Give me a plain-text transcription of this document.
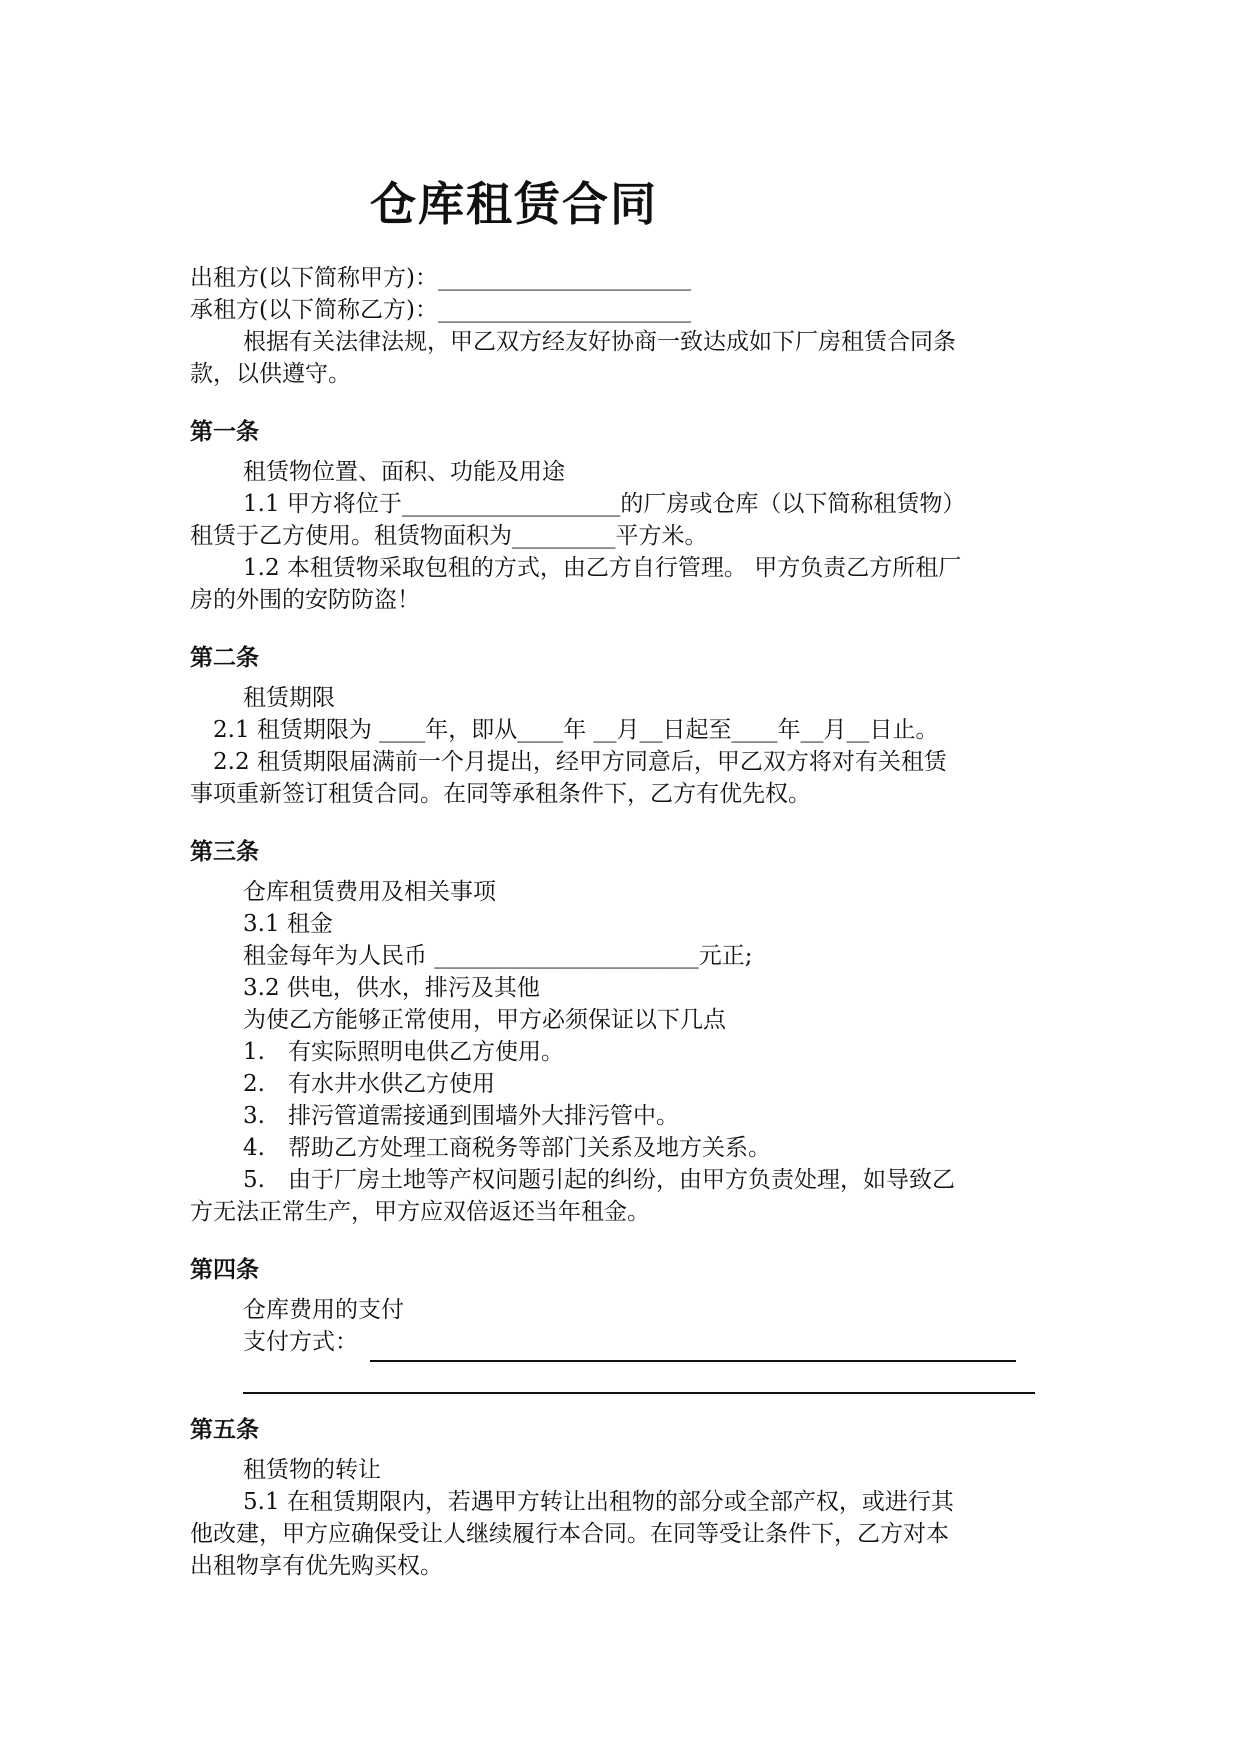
仓库租赁合同

出租方(以下简称甲方)：______________________

承租方(以下简称乙方)：______________________

根据有关法律法规，甲乙双方经友好协商一致达成如下厂房租赁合同条

款，以供遵守。

第一条

租赁物位置、面积、功能及用途

1.1 甲方将位于___________________的厂房或仓库（以下简称租赁物）

租赁于乙方使用。租赁物面积为_________平方米。

1.2 本租赁物采取包租的方式，由乙方自行管理。 甲方负责乙方所租厂

房的外围的安防防盗！

第二条

租赁期限

2.1 租赁期限为 ____年，即从____年 __月__日起至____年__月__日止。

2.2 租赁期限届满前一个月提出，经甲方同意后，甲乙双方将对有关租赁

事项重新签订租赁合同。在同等承租条件下，乙方有优先权。

第三条

仓库租赁费用及相关事项

3.1 租金

租金每年为人民币 _______________________元正;

3.2 供电，供水，排污及其他

为使乙方能够正常使用，甲方必须保证以下几点

1.　有实际照明电供乙方使用。

2.　有水井水供乙方使用

3.　排污管道需接通到围墙外大排污管中。

4.　帮助乙方处理工商税务等部门关系及地方关系。

5.　由于厂房土地等产权问题引起的纠纷，由甲方负责处理，如导致乙

方无法正常生产，甲方应双倍返还当年租金。

第四条

仓库费用的支付

支付方式：

第五条

租赁物的转让

5.1 在租赁期限内，若遇甲方转让出租物的部分或全部产权，或进行其

他改建，甲方应确保受让人继续履行本合同。在同等受让条件下，乙方对本

出租物享有优先购买权。
